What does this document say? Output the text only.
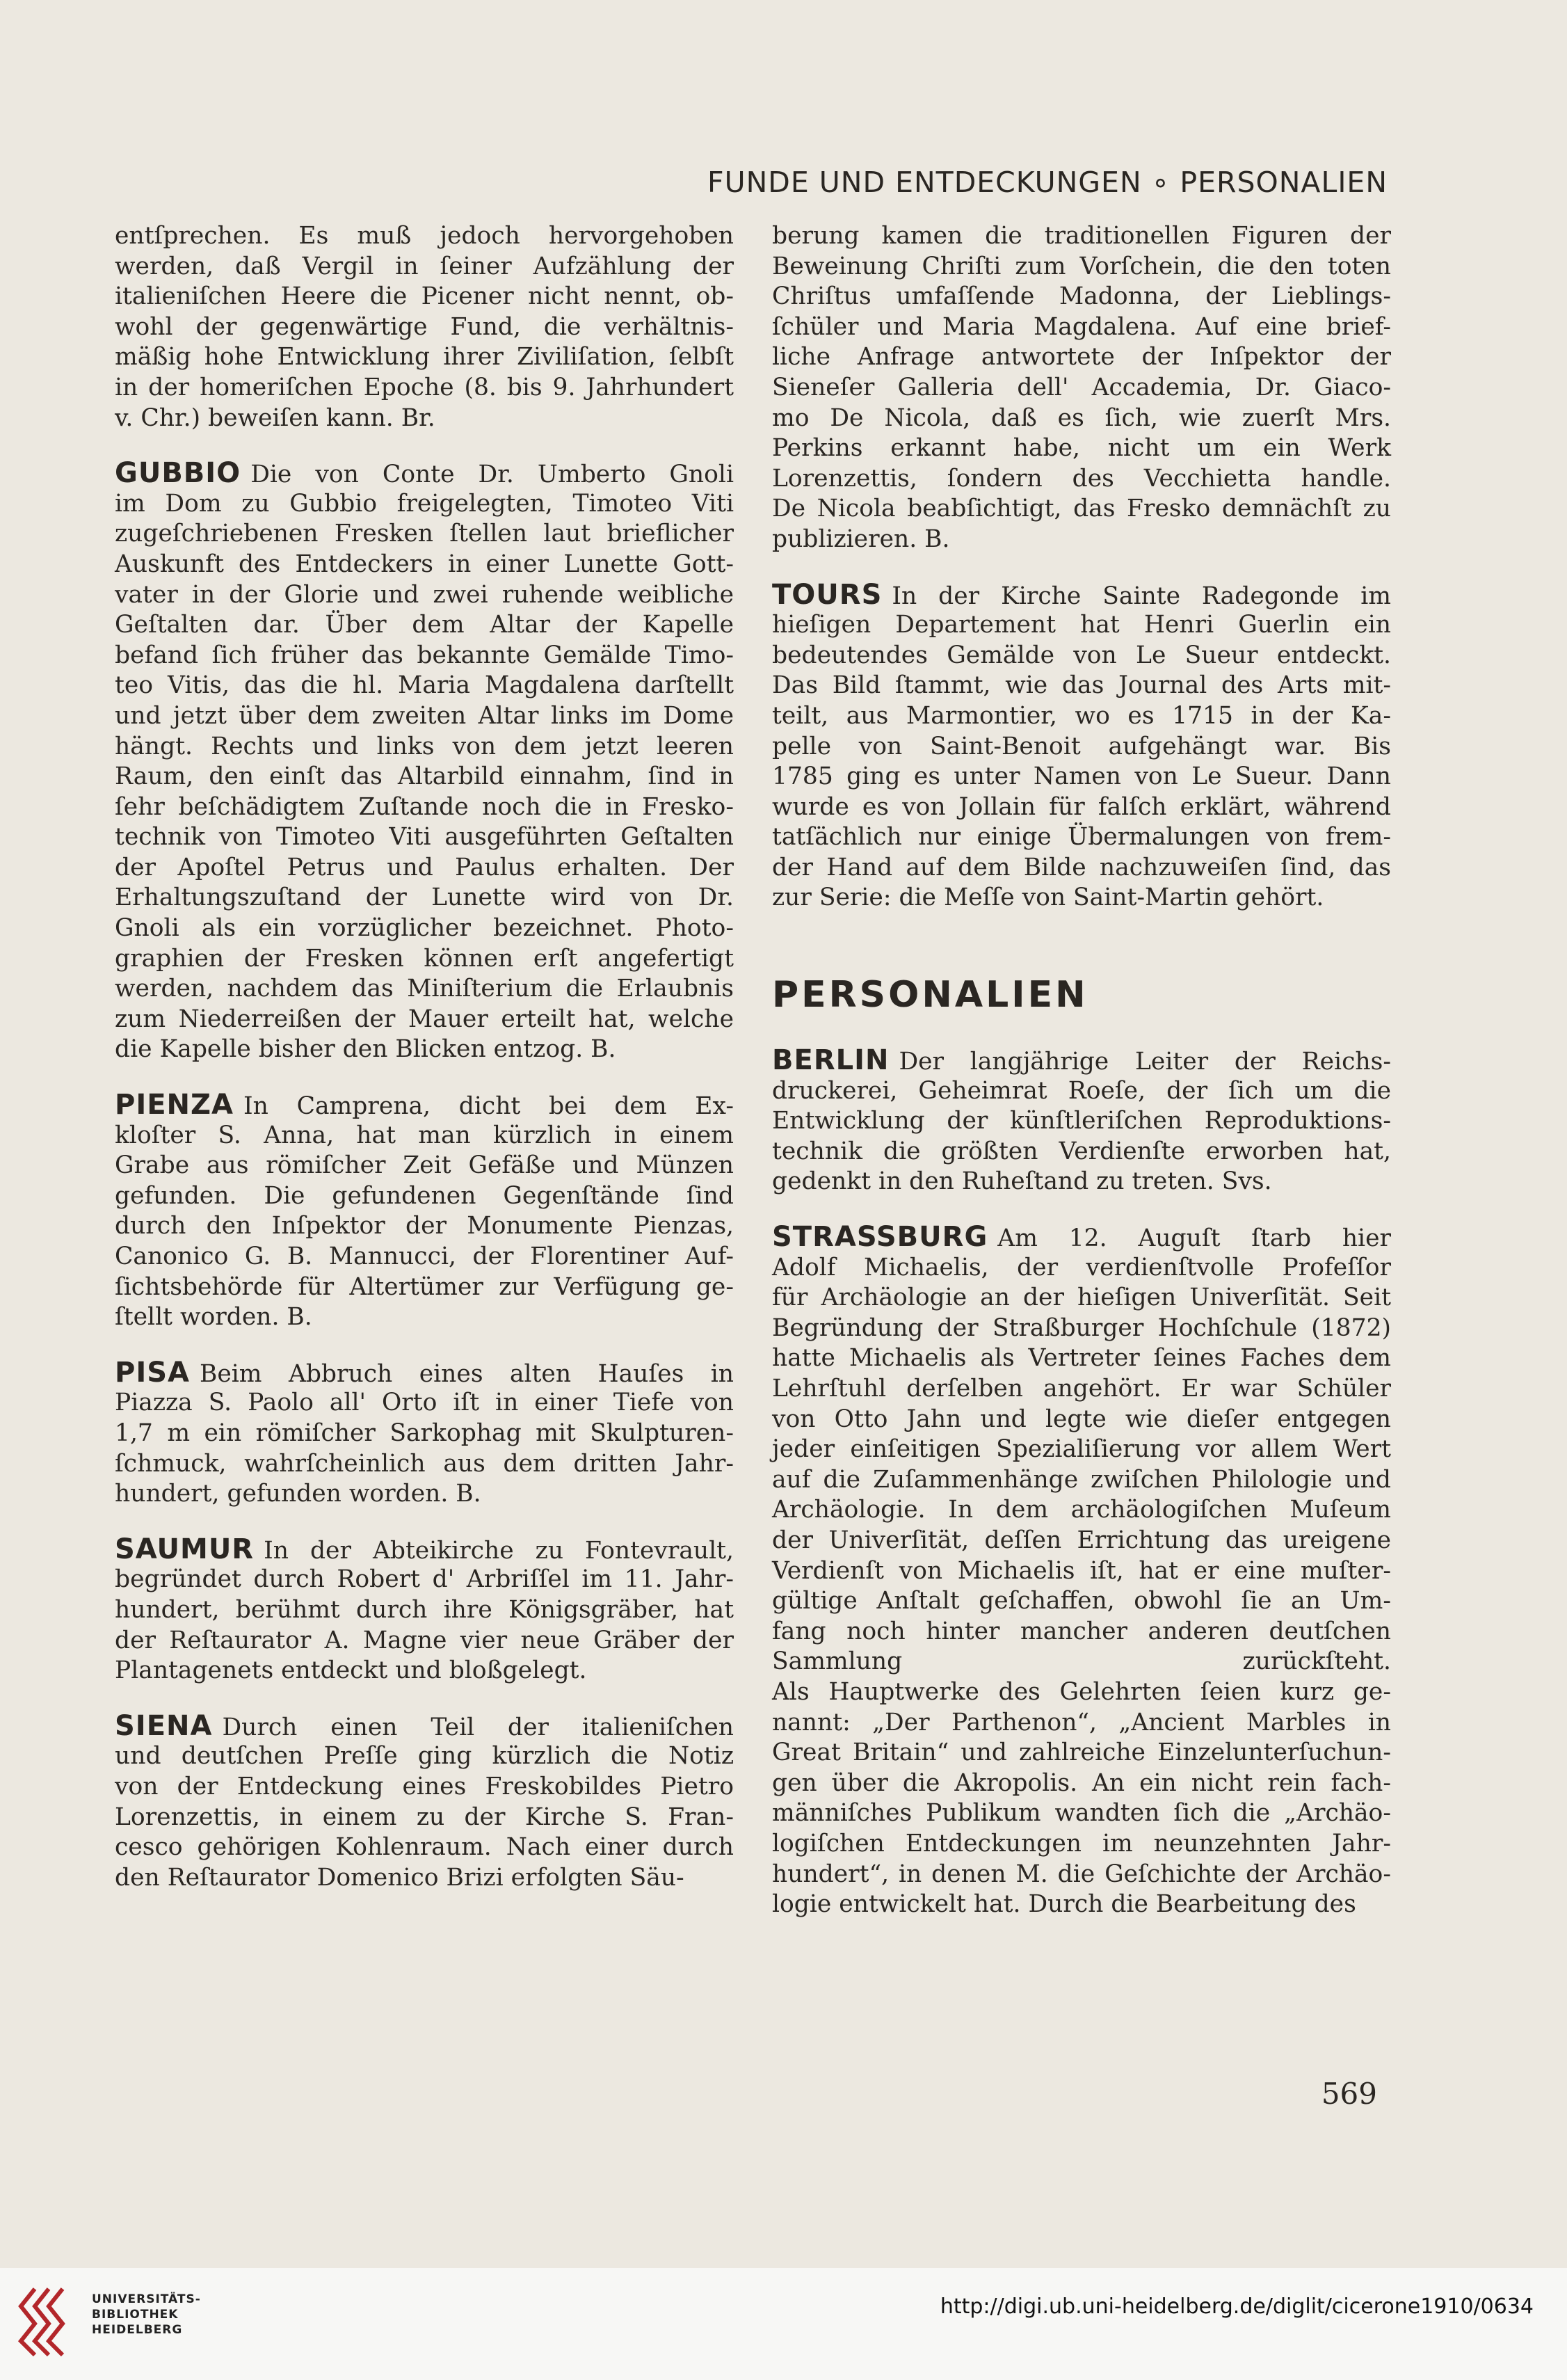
FUNDE UND ENTDECKUNGEN ∘ PERSONALIEN
entſprechen. Es muß jedoch hervorgehoben
werden, daß Vergil in ſeiner Aufzählung der
italieniſchen Heere die Picener nicht nennt, ob-
wohl der gegenwärtige Fund, die verhältnis-
mäßig hohe Entwicklung ihrer Ziviliſation, ſelbſt
in der homeriſchen Epoche (8. bis 9. Jahrhundert
v. Chr.) beweiſen kann. Br.
GUBBIO Die von Conte Dr. Umberto Gnoli
im Dom zu Gubbio freigelegten, Timoteo Viti
zugeſchriebenen Fresken ſtellen laut brieflicher
Auskunft des Entdeckers in einer Lunette Gott-
vater in der Glorie und zwei ruhende weibliche
Geſtalten dar. Über dem Altar der Kapelle
befand ſich früher das bekannte Gemälde Timo-
teo Vitis, das die hl. Maria Magdalena darſtellt
und jetzt über dem zweiten Altar links im Dome
hängt. Rechts und links von dem jetzt leeren
Raum, den einſt das Altarbild einnahm, ſind in
ſehr beſchädigtem Zuſtande noch die in Fresko-
technik von Timoteo Viti ausgeführten Geſtalten
der Apoſtel Petrus und Paulus erhalten. Der
Erhaltungszuſtand der Lunette wird von Dr.
Gnoli als ein vorzüglicher bezeichnet. Photo-
graphien der Fresken können erſt angefertigt
werden, nachdem das Miniſterium die Erlaubnis
zum Niederreißen der Mauer erteilt hat, welche
die Kapelle bisher den Blicken entzog. B.
PIENZA In Camprena, dicht bei dem Ex-
kloſter S. Anna, hat man kürzlich in einem
Grabe aus römiſcher Zeit Gefäße und Münzen
gefunden. Die gefundenen Gegenſtände ſind
durch den Inſpektor der Monumente Pienzas,
Canonico G. B. Mannucci, der Florentiner Auf-
ſichtsbehörde für Altertümer zur Verfügung ge-
ſtellt worden. B.
PISA Beim Abbruch eines alten Hauſes in
Piazza S. Paolo all' Orto iſt in einer Tiefe von
1,7 m ein römiſcher Sarkophag mit Skulpturen-
ſchmuck, wahrſcheinlich aus dem dritten Jahr-
hundert, gefunden worden. B.
SAUMUR In der Abteikirche zu Fontevrault,
begründet durch Robert d' Arbriſſel im 11. Jahr-
hundert, berühmt durch ihre Königsgräber, hat
der Reſtaurator A. Magne vier neue Gräber der
Plantagenets entdeckt und bloßgelegt.
SIENA Durch einen Teil der italieniſchen
und deutſchen Preſſe ging kürzlich die Notiz
von der Entdeckung eines Freskobildes Pietro
Lorenzettis, in einem zu der Kirche S. Fran-
cesco gehörigen Kohlenraum. Nach einer durch
den Reſtaurator Domenico Brizi erfolgten Säu-
berung kamen die traditionellen Figuren der
Beweinung Chriſti zum Vorſchein, die den toten
Chriſtus umfaſſende Madonna, der Lieblings-
ſchüler und Maria Magdalena. Auf eine brief-
liche Anfrage antwortete der Inſpektor der
Sieneſer Galleria dell' Accademia, Dr. Giaco-
mo De Nicola, daß es ſich, wie zuerſt Mrs.
Perkins erkannt habe, nicht um ein Werk
Lorenzettis, ſondern des Vecchietta handle.
De Nicola beabſichtigt, das Fresko demnächſt zu
publizieren. B.
TOURS In der Kirche Sainte Radegonde im
hieſigen Departement hat Henri Guerlin ein
bedeutendes Gemälde von Le Sueur entdeckt.
Das Bild ſtammt, wie das Journal des Arts mit-
teilt, aus Marmontier, wo es 1715 in der Ka-
pelle von Saint-Benoit aufgehängt war. Bis
1785 ging es unter Namen von Le Sueur. Dann
wurde es von Jollain für falſch erklärt, während
tatſächlich nur einige Übermalungen von frem-
der Hand auf dem Bilde nachzuweiſen ſind, das
zur Serie: die Meſſe von Saint-Martin gehört.
PERSONALIEN
BERLIN Der langjährige Leiter der Reichs-
druckerei, Geheimrat Roeſe, der ſich um die
Entwicklung der künſtleriſchen Reproduktions-
technik die größten Verdienſte erworben hat,
gedenkt in den Ruheſtand zu treten. Svs.
STRASSBURG Am 12. Auguſt ſtarb hier
Adolf Michaelis, der verdienſtvolle Profeſſor
für Archäologie an der hieſigen Univerſität. Seit
Begründung der Straßburger Hochſchule (1872)
hatte Michaelis als Vertreter ſeines Faches dem
Lehrſtuhl derſelben angehört. Er war Schüler
von Otto Jahn und legte wie dieſer entgegen
jeder einſeitigen Spezialiſierung vor allem Wert
auf die Zuſammenhänge zwiſchen Philologie und
Archäologie. In dem archäologiſchen Muſeum
der Univerſität, deſſen Errichtung das ureigene
Verdienſt von Michaelis iſt, hat er eine muſter-
gültige Anſtalt geſchaffen, obwohl ſie an Um-
fang noch hinter mancher anderen deutſchen
Sammlung zurückſteht.
Als Hauptwerke des Gelehrten ſeien kurz ge-
nannt: „Der Parthenon“, „Ancient Marbles in
Great Britain“ und zahlreiche Einzelunterſuchun-
gen über die Akropolis. An ein nicht rein fach-
männiſches Publikum wandten ſich die „Archäo-
logiſchen Entdeckungen im neunzehnten Jahr-
hundert“, in denen M. die Geſchichte der Archäo-
logie entwickelt hat. Durch die Bearbeitung des
569
UNIVERSITÄTS-
BIBLIOTHEK
HEIDELBERG
http://digi.ub.uni-heidelberg.de/diglit/cicerone1910/0634
